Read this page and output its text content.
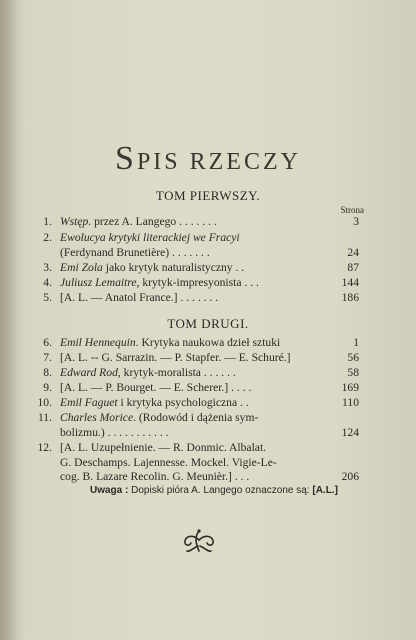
SPIS RZECZY
TOM PIERWSZY.
Strona
1. Wstęp. przez A. Langego . . . . . . .	3
2. Ewolucya krytyki literackiej we Fracyi
(Ferdynand Brunetière) . . . . . . .	24
3. Emi Zola jako krytyk naturalistyczny . .	87
4. Juliusz Lemaitre, krytyk-impresyonista . . .	144
5. [A. L. — Anatol France.] . . . . . . .	186
TOM DRUGI.
6. Emil Hennequin. Krytyka naukowa dzieł sztuki	1
7. [A. L. -- G. Sarrazin. — P. Stapfer. — E. Schuré.]	56
8. Edward Rod, krytyk-moralista . . . . . .	58
9. [A. L. — P. Bourget. — E. Scherer.] . . . .	169
10. Emil Faguet i krytyka psychologiczna . .	110
11. Charles Morice. (Rodowód i dążenia sym-
bolizmu.) . . . . . . . . . . .	124
12. [A. L. Uzupełnienie. — R. Donmic. Albalat.
G. Deschamps. Lajennesse. Mockel. Vigie-Le-
cog. B. Lazare Recolin. G. Meunièr.] . . .	206
Uwaga : Dopiski pióra A. Langego oznaczone są: [A.L.]
